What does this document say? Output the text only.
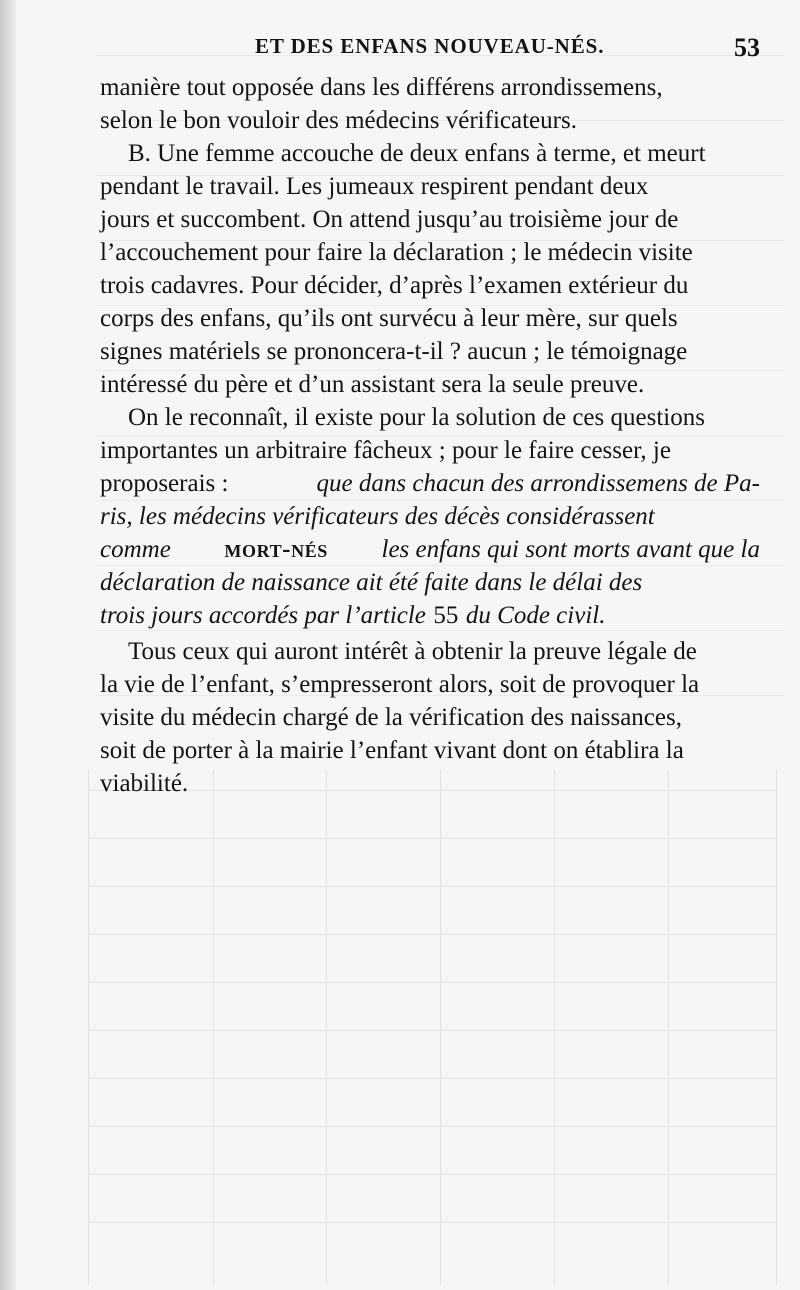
ET DES ENFANS NOUVEAU-NÉS.	53
manière tout opposée dans les différens arrondissemens,
selon le bon vouloir des médecins vérificateurs.
B. Une femme accouche de deux enfans à terme, et meurt
pendant le travail. Les jumeaux respirent pendant deux
jours et succombent. On attend jusqu’au troisième jour de
l’accouchement pour faire la déclaration ; le médecin visite
trois cadavres. Pour décider, d’après l’examen extérieur du
corps des enfans, qu’ils ont survécu à leur mère, sur quels
signes matériels se prononcera-t-il ? aucun ; le témoignage
intéressé du père et d’un assistant sera la seule preuve.
On le reconnaît, il existe pour la solution de ces questions
importantes un arbitraire fâcheux ; pour le faire cesser, je
proposerais :	que dans chacun des arrondissemens de Pa-
ris, les médecins vérificateurs des décès considérassent
comme mort-nés les enfans qui sont morts avant que la
déclaration de naissance ait été faite dans le délai des
trois jours accordés par l’article 55 du Code civil.
Tous ceux qui auront intérêt à obtenir la preuve légale de
la vie de l’enfant, s’empresseront alors, soit de provoquer la
visite du médecin chargé de la vérification des naissances,
soit de porter à la mairie l’enfant vivant dont on établira la
viabilité.
